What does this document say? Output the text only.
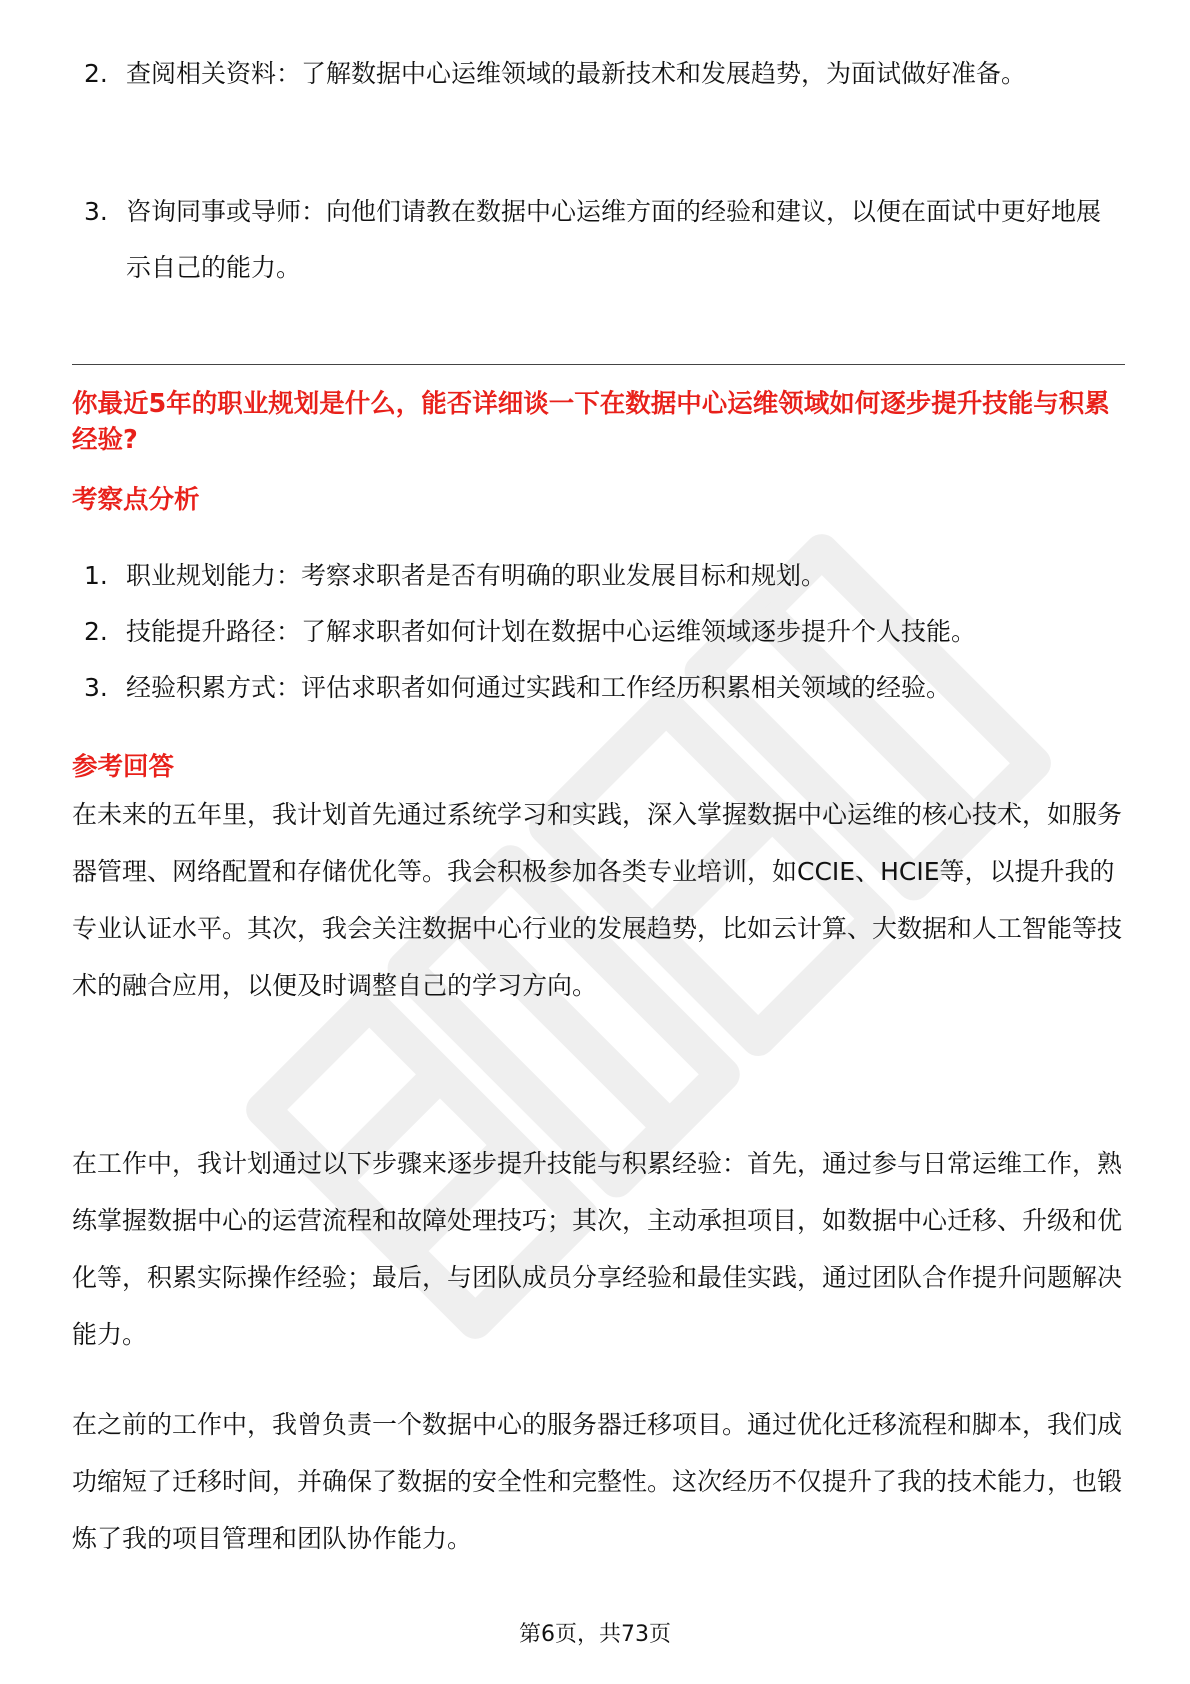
2. 查阅相关资料：了解数据中心运维领域的最新技术和发展趋势，为面试做好准备。
3. 咨询同事或导师：向他们请教在数据中心运维方面的经验和建议，以便在面试中更好地展示自己的能力。
你最近5年的职业规划是什么，能否详细谈一下在数据中心运维领域如何逐步提升技能与积累经验?
考察点分析
1. 职业规划能力：考察求职者是否有明确的职业发展目标和规划。
2. 技能提升路径：了解求职者如何计划在数据中心运维领域逐步提升个人技能。
3. 经验积累方式：评估求职者如何通过实践和工作经历积累相关领域的经验。
参考回答
在未来的五年里，我计划首先通过系统学习和实践，深入掌握数据中心运维的核心技术，如服务器管理、网络配置和存储优化等。我会积极参加各类专业培训，如CCIE、HCIE等，以提升我的专业认证水平。其次，我会关注数据中心行业的发展趋势，比如云计算、大数据和人工智能等技术的融合应用，以便及时调整自己的学习方向。
在工作中，我计划通过以下步骤来逐步提升技能与积累经验：首先，通过参与日常运维工作，熟练掌握数据中心的运营流程和故障处理技巧；其次，主动承担项目，如数据中心迁移、升级和优化等，积累实际操作经验；最后，与团队成员分享经验和最佳实践，通过团队合作提升问题解决能力。
在之前的工作中，我曾负责一个数据中心的服务器迁移项目。通过优化迁移流程和脚本，我们成功缩短了迁移时间，并确保了数据的安全性和完整性。这次经历不仅提升了我的技术能力，也锻炼了我的项目管理和团队协作能力。
第6页，共73页
